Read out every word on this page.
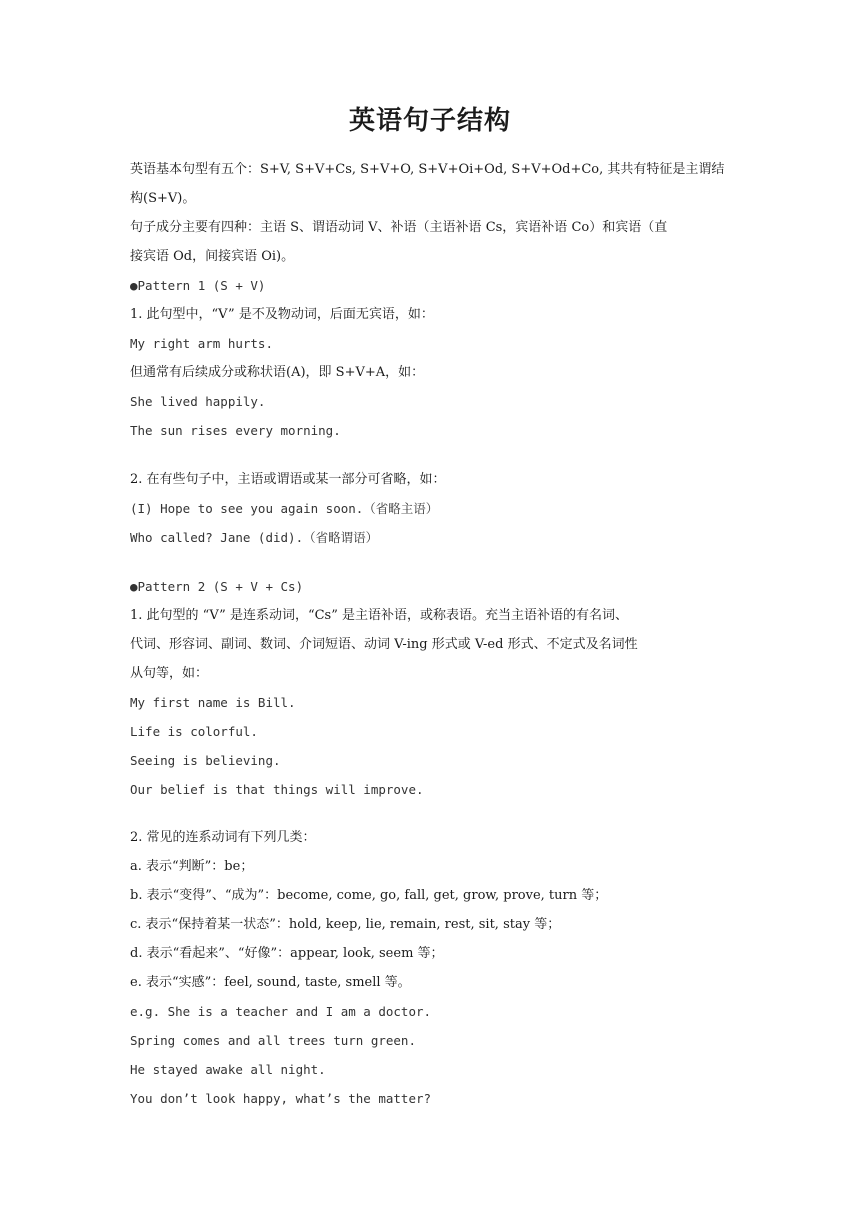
英语句子结构
英语基本句型有五个：S+V, S+V+Cs, S+V+O, S+V+Oi+Od, S+V+Od+Co, 其共有特征是主谓结
构(S+V)。
句子成分主要有四种：主语 S、谓语动词 V、补语（主语补语 Cs，宾语补语 Co）和宾语（直
接宾语 Od，间接宾语 Oi)。
●Pattern 1 (S + V)
1. 此句型中，“V” 是不及物动词，后面无宾语，如：
My right arm hurts.
但通常有后续成分或称状语(A)，即 S+V+A，如：
She lived happily.
The sun rises every morning.
2. 在有些句子中，主语或谓语或某一部分可省略，如：
(I) Hope to see you again soon.（省略主语）
Who called? Jane (did).（省略谓语）
●Pattern 2 (S + V + Cs)
1. 此句型的 “V” 是连系动词，“Cs” 是主语补语，或称表语。充当主语补语的有名词、
代词、形容词、副词、数词、介词短语、动词 V-ing 形式或 V-ed 形式、不定式及名词性
从句等，如：
My first name is Bill.
Life is colorful.
Seeing is believing.
Our belief is that things will improve.
2. 常见的连系动词有下列几类：
a. 表示“判断”：be；
b. 表示“变得”、“成为”：become, come, go, fall, get, grow, prove, turn 等；
c. 表示“保持着某一状态”：hold, keep, lie, remain, rest, sit, stay 等；
d. 表示“看起来”、“好像”：appear, look, seem 等；
e. 表示“实感”：feel, sound, taste, smell 等。
e.g. She is a teacher and I am a doctor.
Spring comes and all trees turn green.
He stayed awake all night.
You don’t look happy, what’s the matter?
